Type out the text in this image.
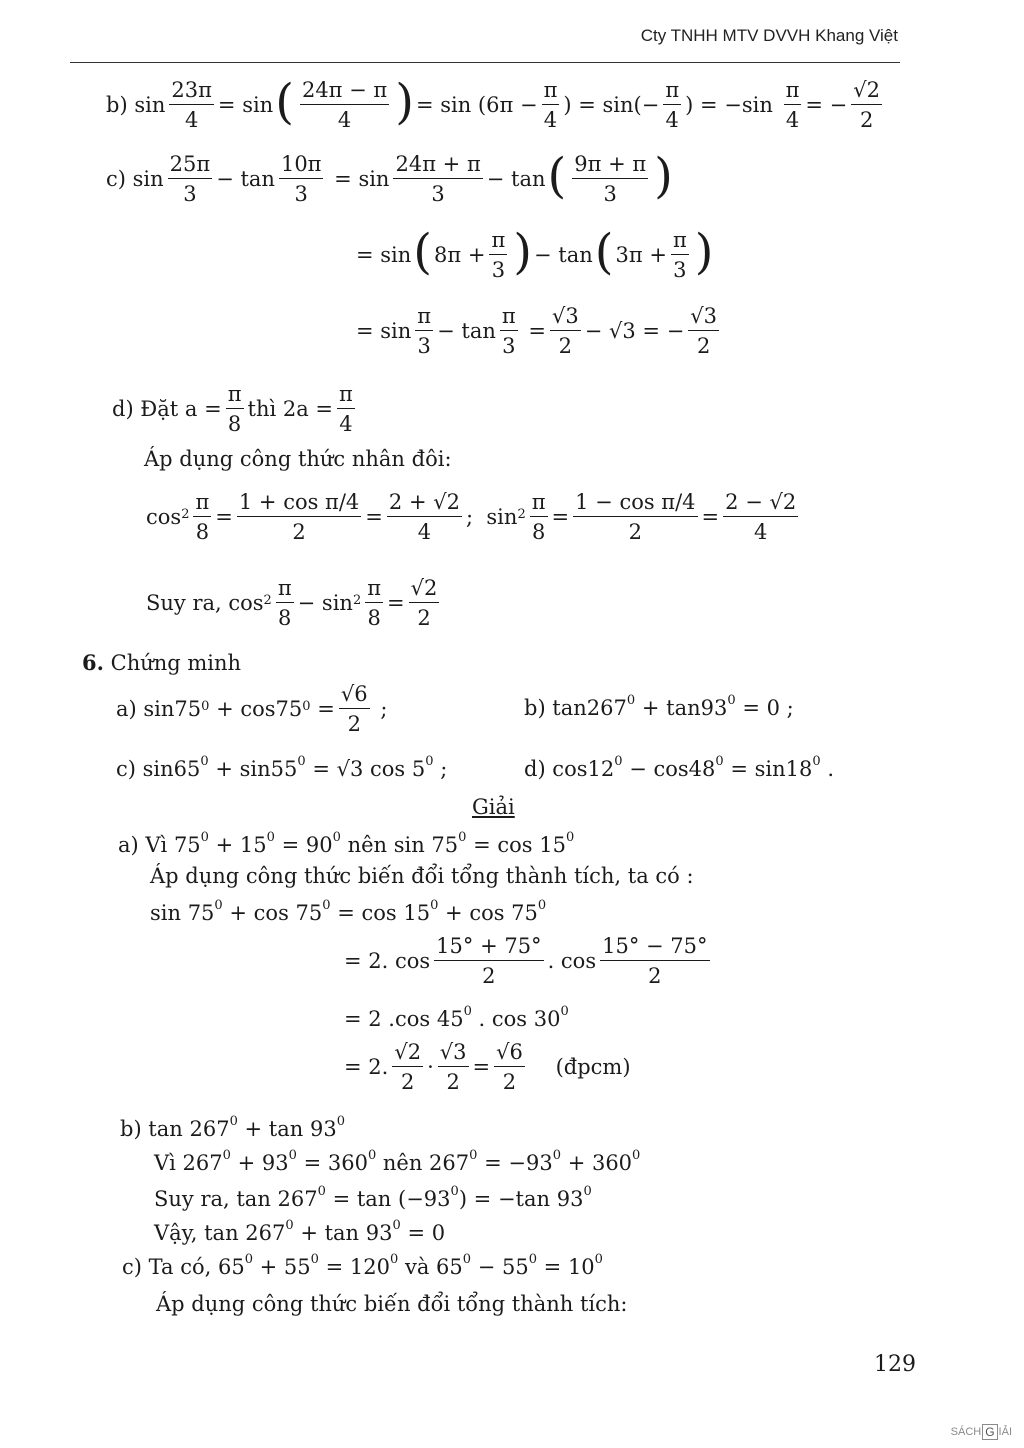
Cty TNHH MTV DVVH Khang Việt
b)
$\sin \frac{23\pi}{4}$ =
sin ( $\frac{24\pi - \pi}{4}$ ) = $\sin (6\pi - \frac{\pi}{4}$ ) = $\sin(- \frac{\pi}{4}$ ) = −sin
$\frac{\pi}{4}$ = − $\frac{√2}{2}$
c) $\sin \frac{25\pi}{3} - \tan \frac{10\pi}{3}$
= $\sin \frac{24\pi + \pi}{3} - \tan$ ( $\frac{9\pi + \pi}{3}$ )
= sin ( $8\pi + \frac{\pi}{3}$ ) − tan ( $3\pi + \frac{\pi}{3}$ )
= $\sin \frac{\pi}{3} - \tan \frac{\pi}{3}$
= $\frac{√3}{2} - √3$ = − $\frac{√3}{2}$
d) Đặt $a = \frac{\pi}{8}$ thì $2a = \frac{\pi}{4}$
Áp dụng công thức nhân đôi:
$\cos^2 \frac{\pi}{8} = \frac{\text{1 + cos π/4}}{2} = \frac{2 + √2}{4}$ ;
$\sin^2 \frac{\pi}{8} = \frac{\text{1 − cos π/4}}{2} = \frac{2 - √2}{4}$
Suy ra, $\cos^2 \frac{\pi}{8} - \sin^2 \frac{\pi}{8} = \frac{√2}{2}$
6. Chứng minh
a) $\sin 75^0$
+ $\cos 75^0$
= $\frac{√6}{2}$
;	b) $\tan 267^0 + \tan 93^0 = 0$ ;
c) $\sin 65^0 + \sin 55^0 = √3$ $\cos 5^0$ ;	d) $\cos 12^0 - \cos 48^0 = \sin 18^0$ .
Giải
a) Vì $75^0 + 15^0 = 90^0$ nên $\sin 75^0 = \cos 15^0$
Áp dụng công thức biến đổi tổng thành tích, ta có :
$\sin 75^0 + \cos 75^0 = \cos 15^0 + \cos 75^0$
= 2. $\cos \frac{15^\circ + 75^\circ}{2}$ . $\cos \frac{15^\circ - 75^\circ}{2}$
= 2 .cos $45^0$ . $\cos 30^0$
= 2. $\frac{√2}{2} \cdot \frac{√3}{2} = \frac{√6}{2}$
(đpcm)
b) $\tan 267^0 + \tan 93^0$
Vì $267^0 + 93^0 = 360^0$ nên $267^0 = -93^0 + 360^0$
Suy ra, $\tan 267^0 = \tan (-93^0) = -\tan$ $93^0$
Vậy, $\tan 267^0 + \tan 93^0 = 0$
c) Ta có, $65^0 + 55^0 = 120^0$ và $65^0 - 55^0 = 10^0$
Áp dụng công thức biến đổi tổng thành tích:
129
SÁCH G IẢI
